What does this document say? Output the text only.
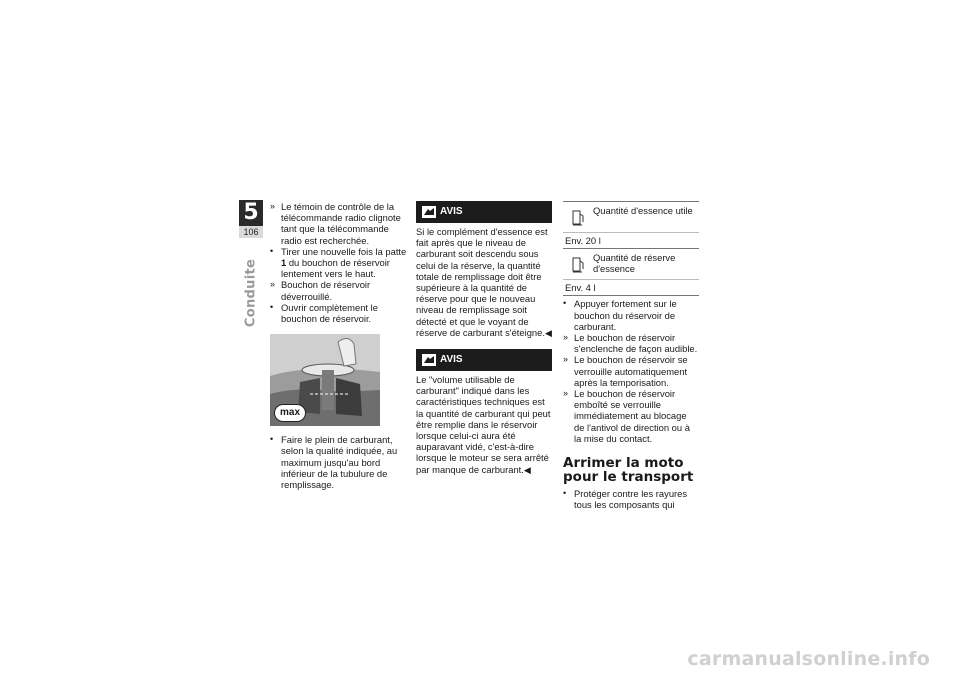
5
106
Conduite
» Le témoin de contrôle de la télécommande radio clignote tant que la télécommande radio est recherchée.
• Tirer une nouvelle fois la patte 1 du bouchon de réservoir lentement vers le haut.
» Bouchon de réservoir déverrouillé.
• Ouvrir complètement le bouchon de réservoir.
max
• Faire le plein de carburant, selon la qualité indiquée, au maximum jusqu'au bord inférieur de la tubulure de remplissage.
AVIS

Si le complément d'essence est fait après que le niveau de carburant soit descendu sous celui de la réserve, la quantité totale de remplissage doit être supérieure à la quantité de réserve pour que le nouveau niveau de remplissage soit détecté et que le voyant de réserve de carburant s'éteigne.◀

AVIS

Le "volume utilisable de carburant" indiqué dans les caractéristiques techniques est la quantité de carburant qui peut être remplie dans le réservoir lorsque celui-ci aura été auparavant vidé, c'est-à-dire lorsque le moteur se sera arrêté par manque de carburant.◀

Quantité d'essence utile
Env. 20 l
Quantité de réserve d'essence
Env. 4 l
• Appuyer fortement sur le bouchon du réservoir de carburant.
» Le bouchon de réservoir s'enclenche de façon audible.
» Le bouchon de réservoir se verrouille automatiquement après la temporisation.
» Le bouchon de réservoir emboîté se verrouille immédiatement au blocage de l'antivol de direction ou à la mise du contact.
Arrimer la moto pour le transport
• Protéger contre les rayures tous les composants qui
carmanualsonline.info
